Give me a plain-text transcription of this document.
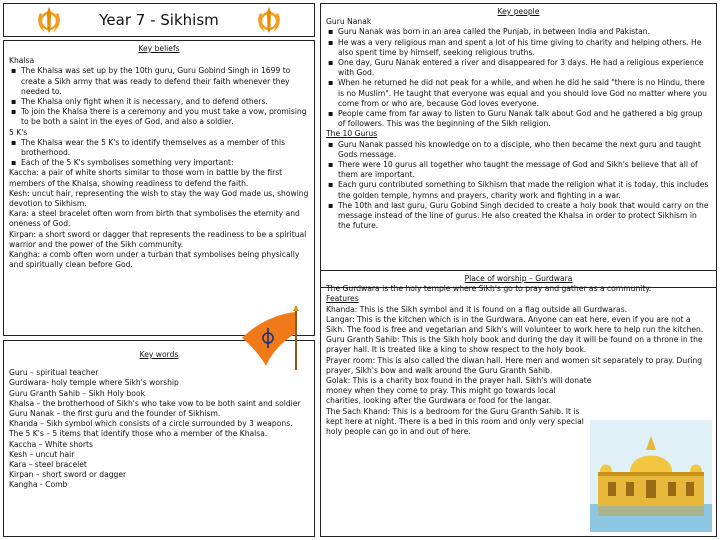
Year 7 - Sikhism
Key beliefs
Khalsa
▪ The Khalsa was set up by the 10th guru, Guru Gobind Singh in 1699 to create a Sikh army that was ready to defend their faith whenever they needed to.
▪ The Khalsa only fight when it is necessary, and to defend others.
▪ To join the Khalsa there is a ceremony and you must take a vow, promising to be both a saint in the eyes of God, and also a soldier.
5 K's
▪ The Khalsa wear the 5 K's to identify themselves as a member of this brotherhood.
▪ Each of the 5 K's symbolises something very important:
Kaccha: a pair of white shorts similar to those worn in battle by the first members of the Khalsa, showing readiness to defend the faith.
Kesh: uncut hair, representing the wish to stay the way God made us, showing devotion to Sikhism.
Kara: a steel bracelet often worn from birth that symbolises the eternity and oneness of God.
Kirpan: a short sword or dagger that represents the readiness to be a spiritual warrior and the power of the Sikh community.
Kangha: a comb often worn under a turban that symbolises being physically and spiritually clean before God.
Key words
Guru – spiritual teacher
Gurdwara- holy temple where Sikh's worship
Guru Granth Sahib – Sikh Holy book
Khalsa – the brotherhood of Sikh's who take vow to be both saint and soldier
Guru Nanak – the first guru and the founder of Sikhism.
Khanda – Sikh symbol which consists of a circle surrounded by 3 weapons.
The 5 K's – 5 items that identify those who a member of the Khalsa.
Kaccha – White shorts
Kesh – uncut hair
Kara – steel bracelet
Kirpan – short sword or dagger
Kangha - Comb
Key people
Guru Nanak
▪ Guru Nanak was born in an area called the Punjab, in between India and Pakistan.
▪ He was a very religious man and spent a lot of his time giving to charity and helping others. He also spent time by himself, seeking religious truths.
▪ One day, Guru Nanak entered a river and disappeared for 3 days. He had a religious experience with God.
▪ When he returned he did not peak for a while, and when he did he said "there is no Hindu, there is no Muslim". He taught that everyone was equal and you should love God no matter where you come from or who are, because God loves everyone.
▪ People came from far away to listen to Guru Nanak talk about God and he gathered a big group of followers. This was the beginning of the Sikh religion.
The 10 Gurus
▪ Guru Nanak passed his knowledge on to a disciple, who then became the next guru and taught Gods message.
▪ There were 10 gurus all together who taught the message of God and Sikh's believe that all of them are important.
▪ Each guru contributed something to Sikhism that made the religion what it is today, this includes the golden temple, hymns and prayers, charity work and fighting in a war.
▪ The 10th and last guru, Guru Gobind Singh decided to create a holy book that would carry on the message instead of the line of gurus. He also created the Khalsa in order to protect Sikhism in the future.
Place of worship – Gurdwara
The Gurdwara is the holy temple where Sikh's go to pray and gather as a community.
Features
Khanda: This is the Sikh symbol and it is found on a flag outside all Gurdwaras.
Langar: This is the kitchen which is in the Gurdwara. Anyone can eat here, even if you are not a Sikh. The food is free and vegetarian and Sikh's will volunteer to work here to help run the kitchen.
Guru Granth Sahib: This is the Sikh holy book and during the day it will be found on a throne in the prayer hall. It is treated like a king to show respect to the holy book.
Prayer room: This is also called the diwan hall. Here men and women sit separately to pray. During prayer, Sikh's bow and walk around the Guru Granth Sahib.
Golak: This is a charity box found in the prayer hall. Sikh's will donate money when they come to pray. This might go towards local charities, looking after the Gurdwara or food for the langar.
The Sach Khand: This is a bedroom for the Guru Granth Sahib. It is kept here at night. There is a bed in this room and only very special holy people can go in and out of here.
